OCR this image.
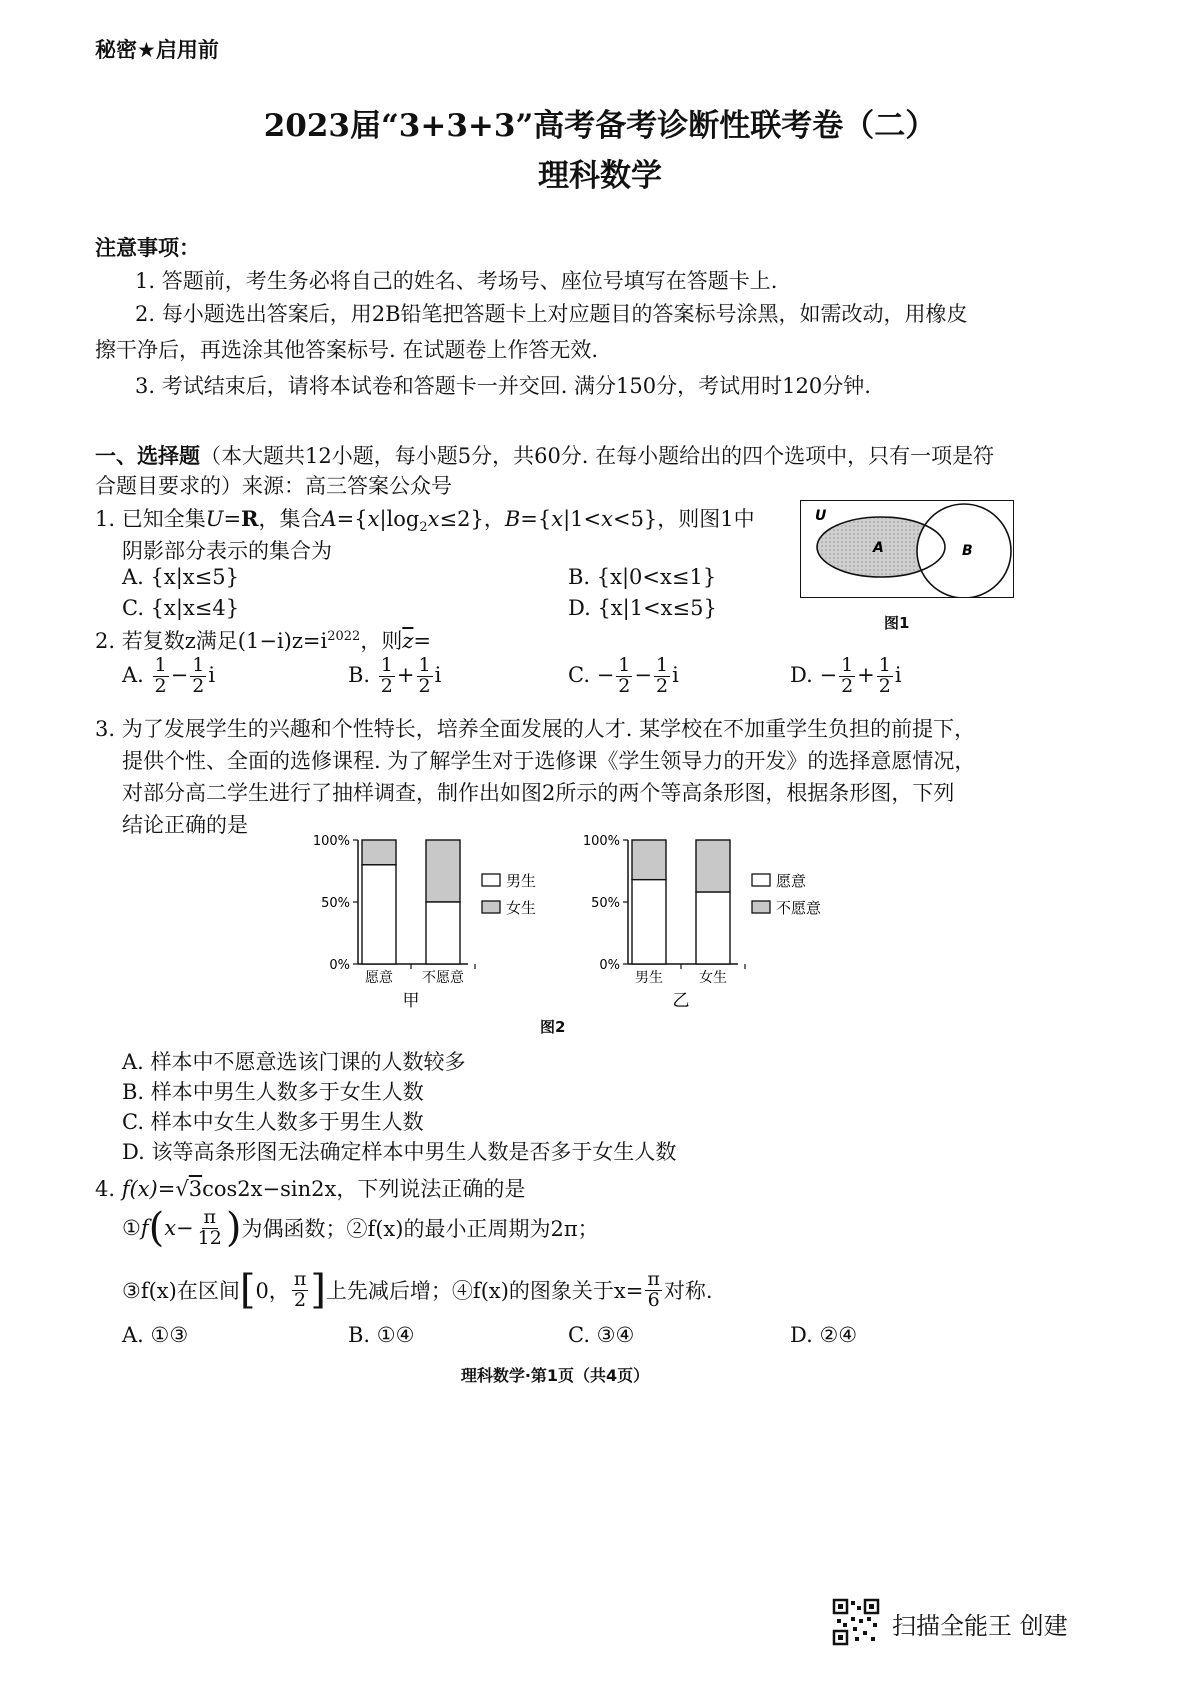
秘密★启用前
2023届“3+3+3”高考备考诊断性联考卷（二）
理科数学
注意事项：
1. 答题前，考生务必将自己的姓名、考场号、座位号填写在答题卡上.
2. 每小题选出答案后，用2B铅笔把答题卡上对应题目的答案标号涂黑，如需改动，用橡皮
擦干净后，再选涂其他答案标号. 在试题卷上作答无效.
3. 考试结束后，请将本试卷和答题卡一并交回. 满分150分，考试用时120分钟.
一、选择题（本大题共12小题，每小题5分，共60分. 在每小题给出的四个选项中，只有一项是符
合题目要求的）来源：高三答案公众号
1. 已知全集U=R，集合$A=\{x|\log_2x\le 2\}$，B={x|1<x<5}，则图1中
阴影部分表示的集合为
A. {x|x≤5}	B. {x|0<x≤1}
C. {x|x≤4}	D. {x|1<x≤5}
U
A	B
图1
2. 若复数z满足$(1-i)z=i^{2022}$，则$\overline{z}=$
A. $\frac{1}{2} - \frac{1}{2}$ i	B. $\frac{1}{2} + \frac{1}{2}$ i	C. − $\frac{1}{2} - \frac{1}{2}$ i	D. − $\frac{1}{2} + \frac{1}{2}$ i
3. 为了发展学生的兴趣和个性特长，培养全面发展的人才. 某学校在不加重学生负担的前提下，
提供个性、全面的选修课程. 为了解学生对于选修课《学生领导力的开发》的选择意愿情况，
对部分高二学生进行了抽样调查，制作出如图2所示的两个等高条形图，根据条形图，下列
结论正确的是
0%
50%
100%
愿意 不愿意
甲
男生
女生
0%
50%
100%
男生	女生
乙
愿意
不愿意
图2
A. 样本中不愿意选该门课的人数较多
B. 样本中男生人数多于女生人数
C. 样本中女生人数多于男生人数
D. 该等高条形图无法确定样本中男生人数是否多于女生人数
4. f(x)=√3cos2x−sin2x，下列说法正确的是
① f ( $x- \frac{\pi}{12}$ ) 为偶函数；②f(x)的最小正周期为2π；
③f(x)在区间 [ 0， $\frac{\pi}{2}$ ] 上先减后增；④f(x)的图象关于$x= \frac{\pi}{6}$ 对称.
A. ①③	B. ①④	C. ③④	D. ②④
理科数学·第1页（共4页）
扫描全能王 创建
